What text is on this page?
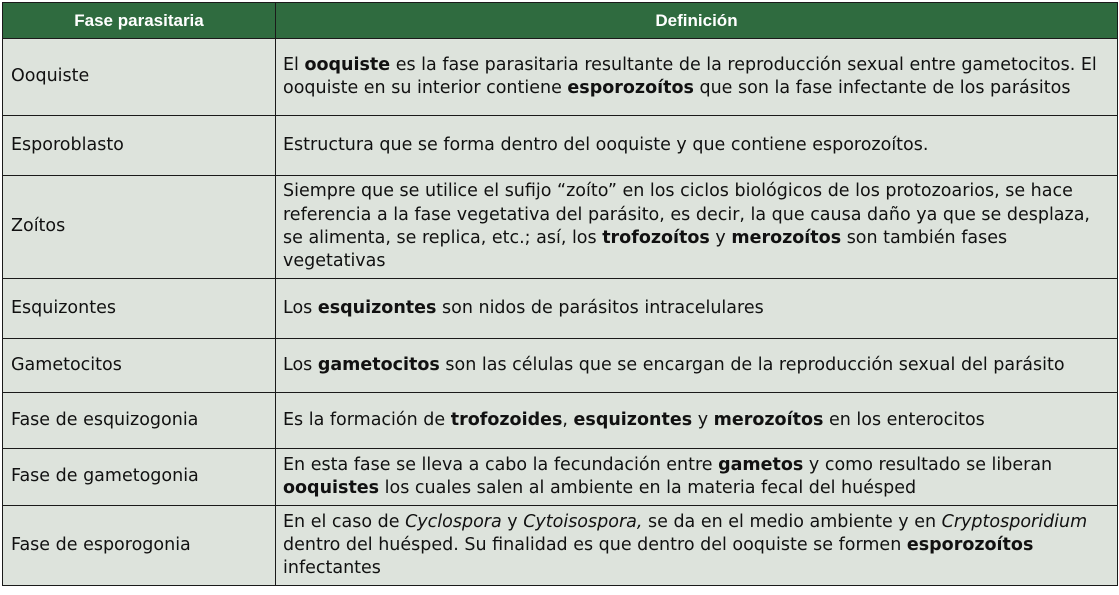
Fase parasitaria	Definición
Ooquiste	El ooquiste es la fase parasitaria resultante de la reproducción sexual entre gametocitos. El ooquiste en su interior contiene esporozoítos que son la fase infectante de los parásitos
Esporoblasto	Estructura que se forma dentro del ooquiste y que contiene esporozoítos.
Zoítos	Siempre que se utilice el sufijo “zoíto” en los ciclos biológicos de los protozoarios, se hace referencia a la fase vegetativa del parásito, es decir, la que causa daño ya que se desplaza, se alimenta, se replica, etc.; así, los trofozoítos y merozoítos son también fases vegetativas
Esquizontes	Los esquizontes son nidos de parásitos intracelulares
Gametocitos	Los gametocitos son las células que se encargan de la reproducción sexual del parásito
Fase de esquizogonia	Es la formación de trofozoides, esquizontes y merozoítos en los enterocitos
Fase de gametogonia	En esta fase se lleva a cabo la fecundación entre gametos y como resultado se liberan ooquistes los cuales salen al ambiente en la materia fecal del huésped
Fase de esporogonia	En el caso de Cyclospora y Cytoisospora, se da en el medio ambiente y en Cryptosporidium dentro del huésped. Su finalidad es que dentro del ooquiste se formen esporozoítos infectantes
